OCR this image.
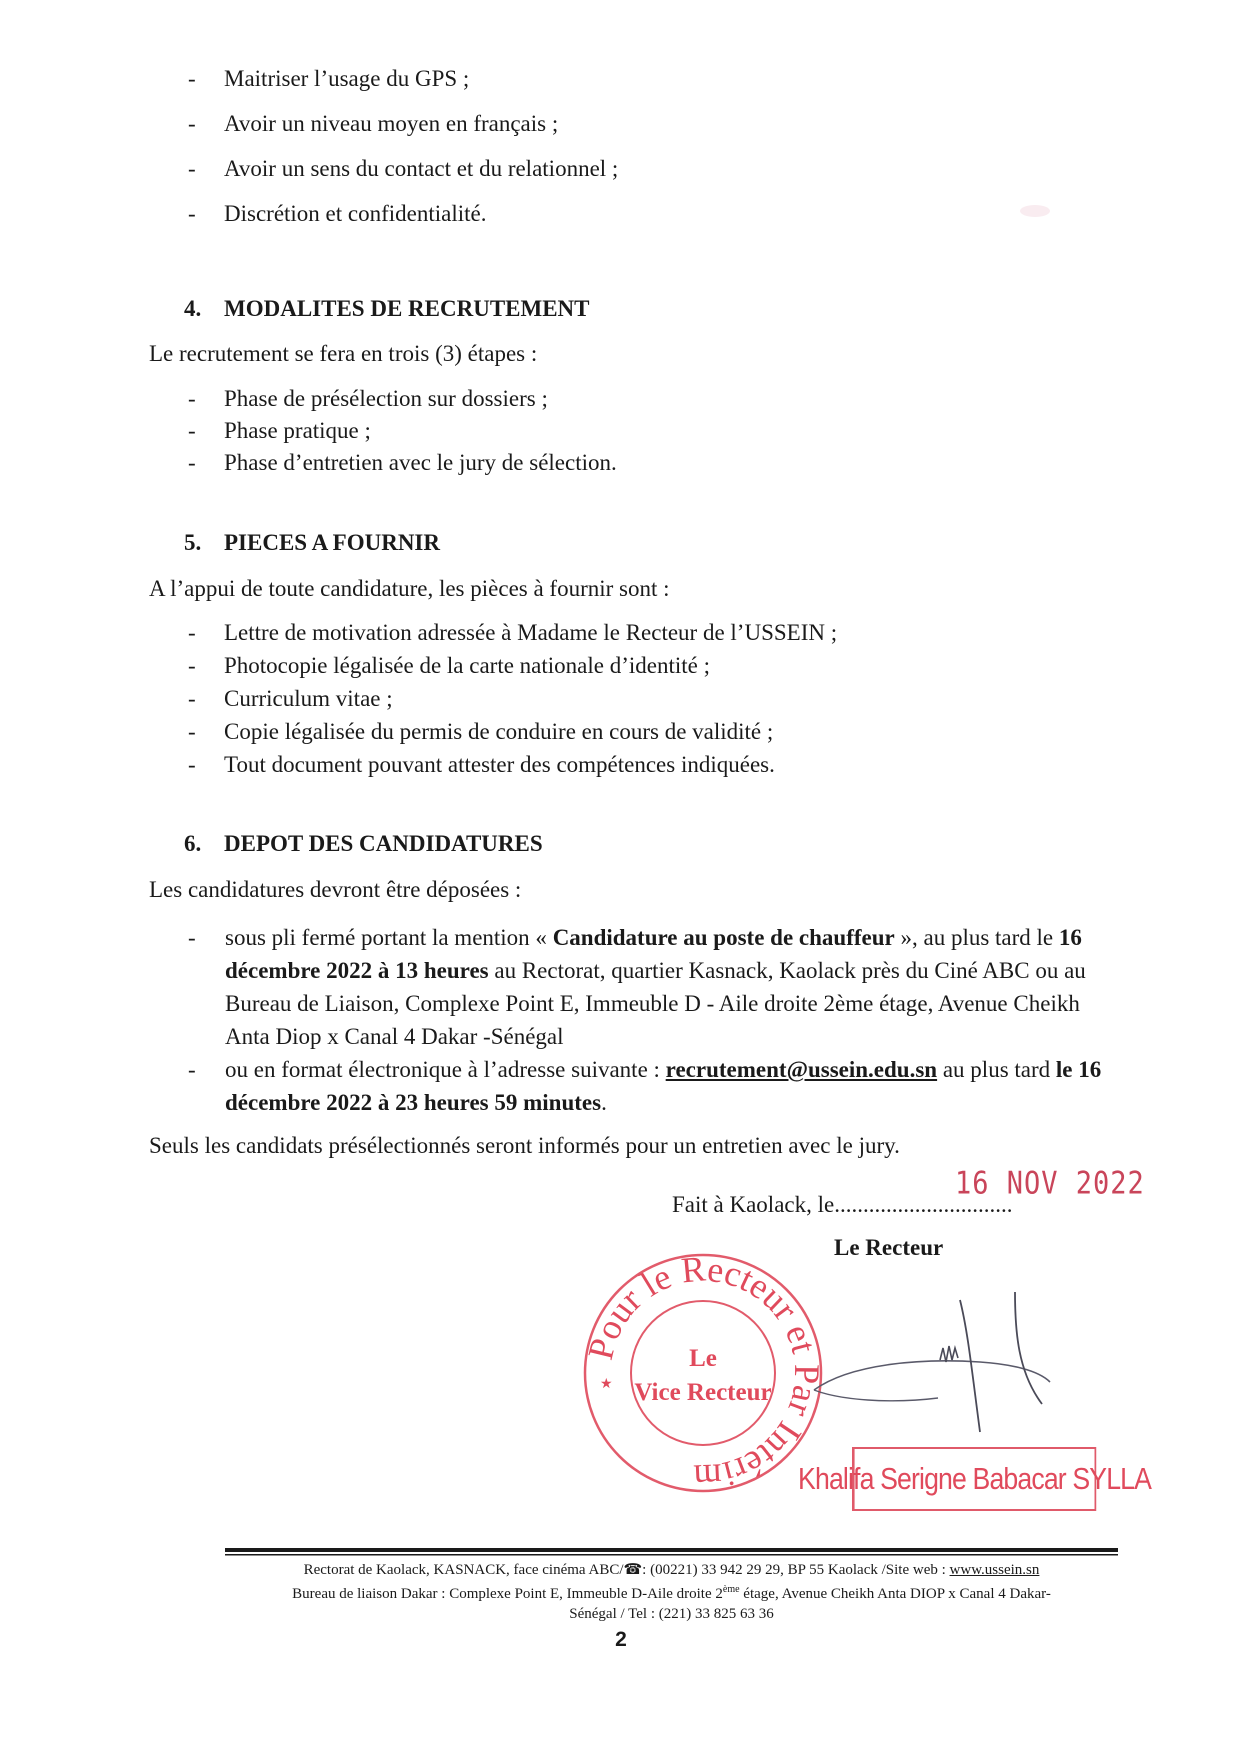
- Maitriser l’usage du GPS ;
- Avoir un niveau moyen en français ;
- Avoir un sens du contact et du relationnel ;
- Discrétion et confidentialité.
4. MODALITES DE RECRUTEMENT

Le recrutement se fera en trois (3) étapes :

- Phase de présélection sur dossiers ;
- Phase pratique ;
- Phase d’entretien avec le jury de sélection.
5. PIECES A FOURNIR

A l’appui de toute candidature, les pièces à fournir sont :

- Lettre de motivation adressée à Madame le Recteur de l’USSEIN ;
- Photocopie légalisée de la carte nationale d’identité ;
- Curriculum vitae ;
- Copie légalisée du permis de conduire en cours de validité ;
- Tout document pouvant attester des compétences indiquées.
6. DEPOT DES CANDIDATURES

Les candidatures devront être déposées :

- sous pli fermé portant la mention « Candidature au poste de chauffeur », au plus tard le 16 décembre 2022 à 13 heures au Rectorat, quartier Kasnack, Kaolack près du Ciné ABC ou au Bureau de Liaison, Complexe Point E, Immeuble D - Aile droite 2ème étage, Avenue Cheikh Anta Diop x Canal 4 Dakar -Sénégal
- ou en format électronique à l’adresse suivante : recrutement@ussein.edu.sn au plus tard le 16 décembre 2022 à 23 heures 59 minutes.

Seuls les candidats présélectionnés seront informés pour un entretien avec le jury.

Fait à Kaolack, le...............................
16 NOV 2022
Le Recteur
Pour le Recteur et Par Intérim
Le
Vice Recteur
★
Khalifa Serigne Babacar SYLLA
Rectorat de Kaolack, KASNACK, face cinéma ABC/☎: (00221) 33 942 29 29, BP 55 Kaolack /Site web : www.ussein.sn
Bureau de liaison Dakar : Complexe Point E, Immeuble D-Aile droite 2ème étage, Avenue Cheikh Anta DIOP x Canal 4 Dakar-
Sénégal / Tel : (221) 33 825 63 36
2
